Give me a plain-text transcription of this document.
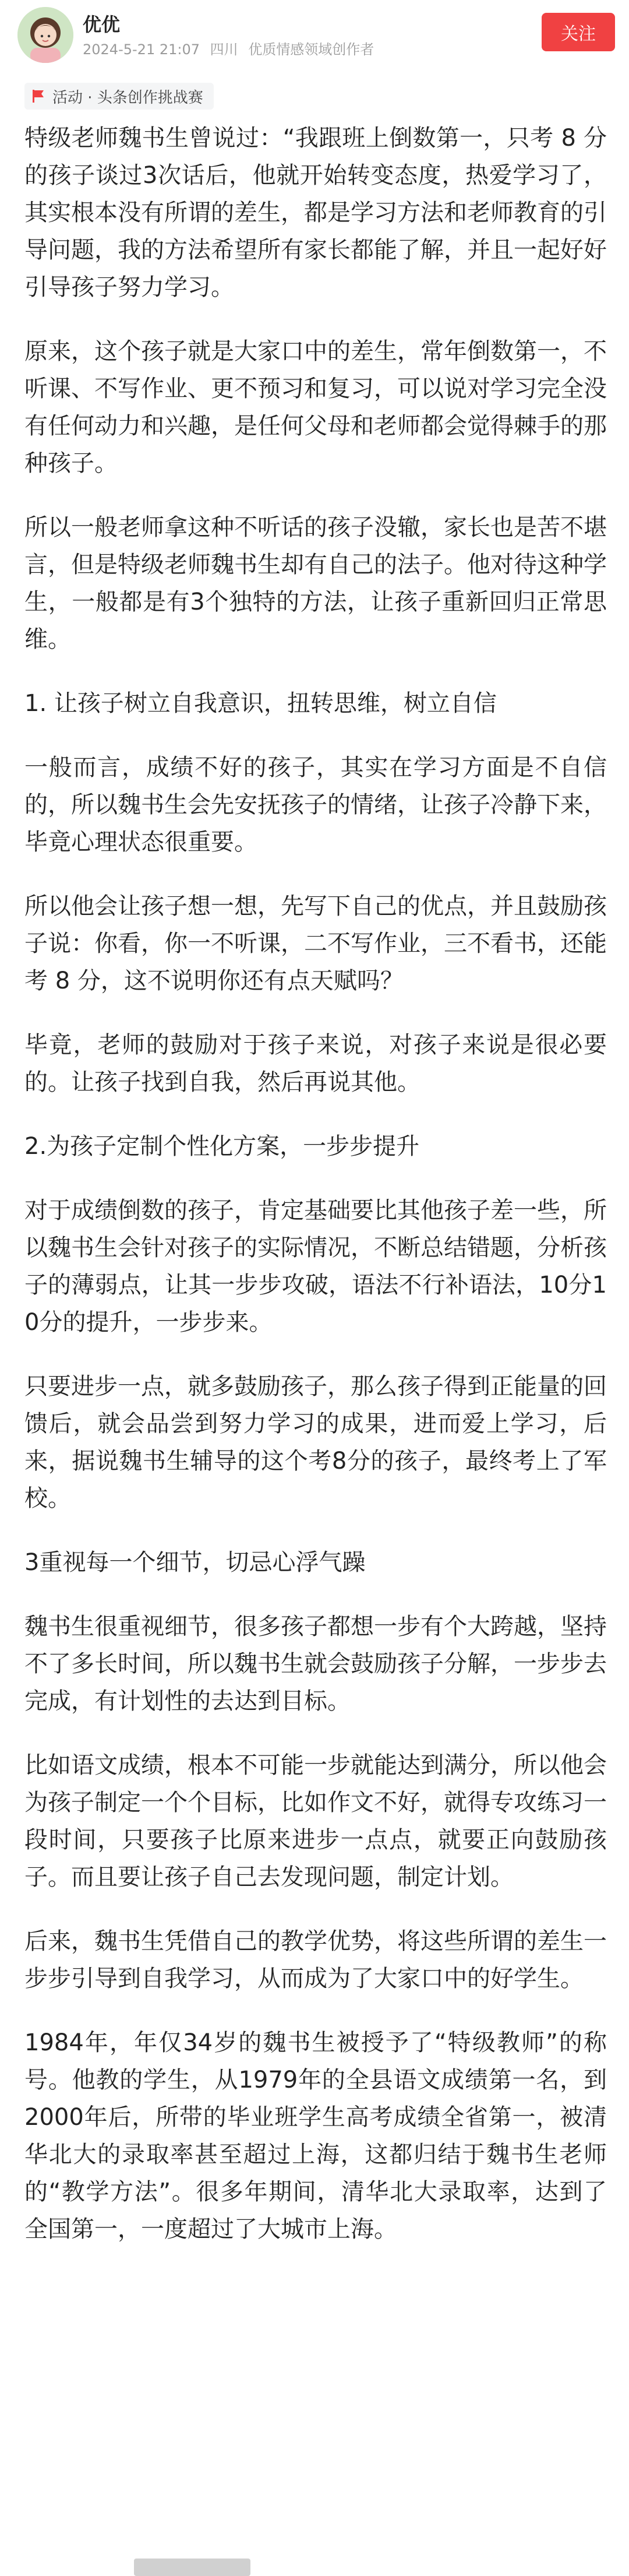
优优
2024-5-21 21:07 四川 优质情感领域创作者
关注
活动 · 头条创作挑战赛

特级老师魏书生曾说过：“我跟班上倒数第一，只考 8 分的孩子谈过3次话后，他就开始转变态度，热爱学习了，其实根本没有所谓的差生，都是学习方法和老师教育的引导问题，我的方法希望所有家长都能了解，并且一起好好引导孩子努力学习。

原来，这个孩子就是大家口中的差生，常年倒数第一，不听课、不写作业、更不预习和复习，可以说对学习完全没有任何动力和兴趣，是任何父母和老师都会觉得棘手的那种孩子。

所以一般老师拿这种不听话的孩子没辙，家长也是苦不堪言，但是特级老师魏书生却有自己的法子。他对待这种学生，一般都是有3个独特的方法，让孩子重新回归正常思维。

1. 让孩子树立自我意识，扭转思维，树立自信

一般而言，成绩不好的孩子，其实在学习方面是不自信的，所以魏书生会先安抚孩子的情绪，让孩子冷静下来，毕竟心理状态很重要。

所以他会让孩子想一想，先写下自己的优点，并且鼓励孩子说：你看，你一不听课，二不写作业，三不看书，还能考 8 分，这不说明你还有点天赋吗？

毕竟，老师的鼓励对于孩子来说，对孩子来说是很必要的。让孩子找到自我，然后再说其他。

2.为孩子定制个性化方案，一步步提升

对于成绩倒数的孩子，肯定基础要比其他孩子差一些，所以魏书生会针对孩子的实际情况，不断总结错题，分析孩子的薄弱点，让其一步步攻破，语法不行补语法，10分10分的提升，一步步来。

只要进步一点，就多鼓励孩子，那么孩子得到正能量的回馈后，就会品尝到努力学习的成果，进而爱上学习，后来，据说魏书生辅导的这个考8分的孩子，最终考上了军校。

3重视每一个细节，切忌心浮气躁

魏书生很重视细节，很多孩子都想一步有个大跨越，坚持不了多长时间，所以魏书生就会鼓励孩子分解，一步步去完成，有计划性的去达到目标。

比如语文成绩，根本不可能一步就能达到满分，所以他会为孩子制定一个个目标，比如作文不好，就得专攻练习一段时间，只要孩子比原来进步一点点，就要正向鼓励孩子。而且要让孩子自己去发现问题，制定计划。

后来，魏书生凭借自己的教学优势，将这些所谓的差生一步步引导到自我学习，从而成为了大家口中的好学生。

1984年，年仅34岁的魏书生被授予了“特级教师”的称号。他教的学生，从1979年的全县语文成绩第一名，到2000年后，所带的毕业班学生高考成绩全省第一，被清华北大的录取率甚至超过上海，这都归结于魏书生老师的“教学方法”。很多年期间，清华北大录取率，达到了全国第一，一度超过了大城市上海。
